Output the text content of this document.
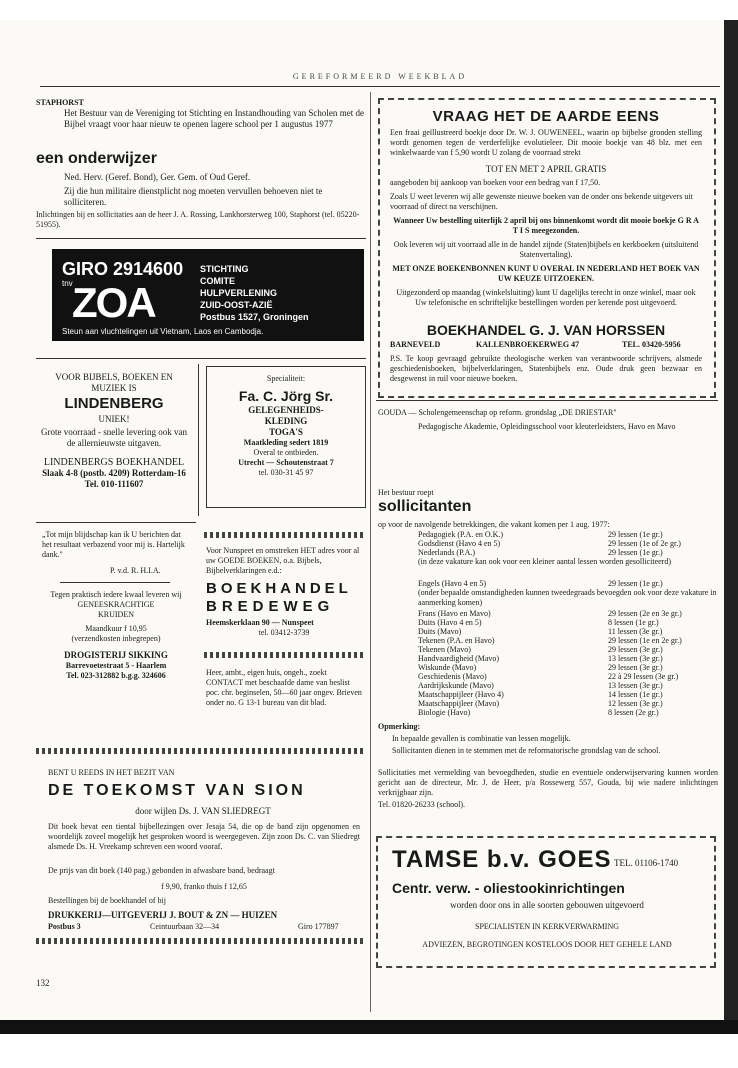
GEREFORMEERD WEEKBLAD
STAPHORST
Het Bestuur van de Vereniging tot Stichting en Instandhouding van Scholen met de Bijbel vraagt voor haar nieuw te openen lagere school per 1 augustus 1977
een onderwijzer
Ned. Herv. (Geref. Bond), Ger. Gem. of Oud Geref.
Zij die hun militaire dienstplicht nog moeten vervullen behoeven niet te solliciteren.
Inlichtingen bij en sollicitaties aan de heer J. A. Rossing, Lankhorsterweg 100, Staphorst (tel. 05220-51955).
GIRO 2914600
tnv ZOA
STICHTING
COMITE
HULPVERLENING
ZUID-OOST-AZIË
Postbus 1527, Groningen
Steun aan vluchtelingen uit Vietnam, Laos en Cambodja.
VOOR BIJBELS, BOEKEN EN
MUZIEK IS
LINDENBERG
UNIEK!
Grote voorraad - snelle levering ook van de allernieuwste uitgaven.
LINDENBERGS BOEKHANDEL
Slaak 4-8 (postb. 4209) Rotterdam-16
Tel. 010-111607
Specialiteit:
Fa. C. Jörg Sr.
GELEGENHEIDS-
KLEDING
TOGA'S
Maatkleding sedert 1819
Overal te ontbieden.
Utrecht — Schoutenstraat 7
tel. 030-31 45 97
„Tot mijn blijdschap kan ik U berichten dat het resultaat verbazend voor mij is. Hartelijk dank."
P. v.d. R. H.I.A.
Tegen praktisch iedere kwaal leveren wij
GENEESKRACHTIGE
KRUIDEN
Maandkuur f 10,95
(verzendkosten inbegrepen)
DROGISTERIJ SIKKING
Barrevoetestraat 5 - Haarlem
Tel. 023-312882 b.g.g. 324606
Voor Nunspeet en omstreken HET adres voor al uw GOEDE BOEKEN, o.a. Bijbels, Bijbelverklaringen e.d.:
BOEKHANDEL
BREDEWEG
Heemskerklaan 90 — Nunspeet
tel. 03412-3739
Heer, ambt., eigen huis, ongeh., zoekt CONTACT met beschaafde dame van beslist poc. chr. beginselen, 50—60 jaar ongev. Brieven onder no. G 13-1 bureau van dit blad.
BENT U REEDS IN HET BEZIT VAN
DE TOEKOMST VAN SION
door wijlen Ds. J. VAN SLIEDREGT
Dit boek bevat een tiental bijbellezingen over Jesaja 54, die op de band zijn opgenomen en woordelijk zoveel mogelijk het gesproken woord is weergegeven. Zijn zoon Ds. C. van Sliedregt alsmede Ds. H. Vreekamp schreven een woord vooraf.
De prijs van dit boek (140 pag.) gebonden in afwasbare band, bedraagt
f 9,90, franko thuis f 12,65
Bestellingen bij de boekhandel of bij
DRUKKERIJ—UITGEVERIJ J. BOUT & ZN — HUIZEN
Postbus 3	Ceintuurbaan 32—34	Giro 177897
132
VRAAG HET DE AARDE EENS
Een fraai geïllustreerd boekje door Dr. W. J. OUWENEEL, waarin op bijbelse gronden stelling wordt genomen tegen de verderfelijke evolutieleer. Dit mooie boekje van 48 blz. met een winkelwaarde van f 5,90 wordt U zolang de voorraad strekt
TOT EN MET 2 APRIL GRATIS
aangeboden bij aankoop van boeken voor een bedrag van f 17,50.
Zoals U weet leveren wij alle gewenste nieuwe boeken van de onder ons bekende uitgevers uit voorraad of direct na verschijnen.
Wanneer Uw bestelling uiterlijk 2 april bij ons binnenkomt wordt dit mooie boekje G R A T I S meegezonden.
Ook leveren wij uit voorraad alle in de handel zijnde (Staten)bijbels en kerkboeken (uitsluitend Statenvertaling).
MET ONZE BOEKENBONNEN KUNT U OVERAL IN NEDERLAND HET BOEK VAN UW KEUZE UITZOEKEN.
Uitgezonderd op maandag (winkelsluiting) kunt U dagelijks terecht in onze winkel, maar ook Uw telefonische en schriftelijke bestellingen worden per kerende post uitgevoerd.
BOEKHANDEL G. J. VAN HORSSEN
BARNEVELD	KALLENBROEKERWEG 47	TEL. 03420-5956
P.S. Te koop gevraagd gebruikte theologische werken van verantwoorde schrijvers, alsmede geschiedenisboeken, bijbelverklaringen, Statenbijbels enz. Oude druk geen bezwaar en desgewenst in ruil voor nieuwe boeken.
GOUDA — Scholengemeenschap op reform. grondslag „DE DRIESTAR"
Pedagogische Akademie, Opleidingsschool voor kleuterleidsters, Havo en Mavo
Het bestuur roept
sollicitanten
op voor de navolgende betrekkingen, die vakant komen per 1 aug. 1977:
Pedagogiek (P.A. en O.K.)	29 lessen (1e gr.)
Godsdienst (Havo 4 en 5)	29 lessen (1e of 2e gr.)
Nederlands (P.A.)	29 lessen (1e gr.)
(in deze vakature kan ook voor een kleiner aantal lessen worden gesolliciteerd)
Engels (Havo 4 en 5)	29 lessen (1e gr.)
(onder bepaalde omstandigheden kunnen tweedegraads bevoegden ook voor deze vakature in aanmerking komen)
Frans (Havo en Mavo)	29 lessen (2e en 3e gr.)
Duits (Havo 4 en 5)	8 lessen (1e gr.)
Duits (Mavo)	11 lessen (3e gr.)
Tekenen (P.A. en Havo)	29 lessen (1e en 2e gr.)
Tekenen (Mavo)	29 lessen (3e gr.)
Handvaardigheid (Mavo)	13 lessen (3e gr.)
Wiskunde (Mavo)	29 lessen (3e gr.)
Geschiedenis (Mavo)	22 à 29 lessen (3e gr.)
Aardrijkskunde (Mavo)	13 lessen (3e gr.)
Maatschappijleer (Havo 4)	14 lessen (1e gr.)
Maatschappijleer (Mavo)	12 lessen (3e gr.)
Biologie (Havo)	8 lessen (2e gr.)
Opmerking:
In bepaalde gevallen is combinatie van lessen mogelijk.
Sollicitanten dienen in te stemmen met de reformatorische grondslag van de school.
Sollicitaties met vermelding van bevoegdheden, studie en eventuele onderwijservaring kunnen worden gericht aan de directeur, Mr. J. de Heer, p/a Rossewerg 557, Gouda, bij wie nadere inlichtingen verkrijgbaar zijn.
Tel. 01820-26233 (school).
TAMSE b.v. GOES TEL. 01106-1740
Centr. verw. - oliestookinrichtingen
worden door ons in alle soorten gebouwen uitgevoerd
SPECIALISTEN IN KERKVERWARMING
ADVIEZEN, BEGROTINGEN KOSTELOOS DOOR HET GEHELE LAND
